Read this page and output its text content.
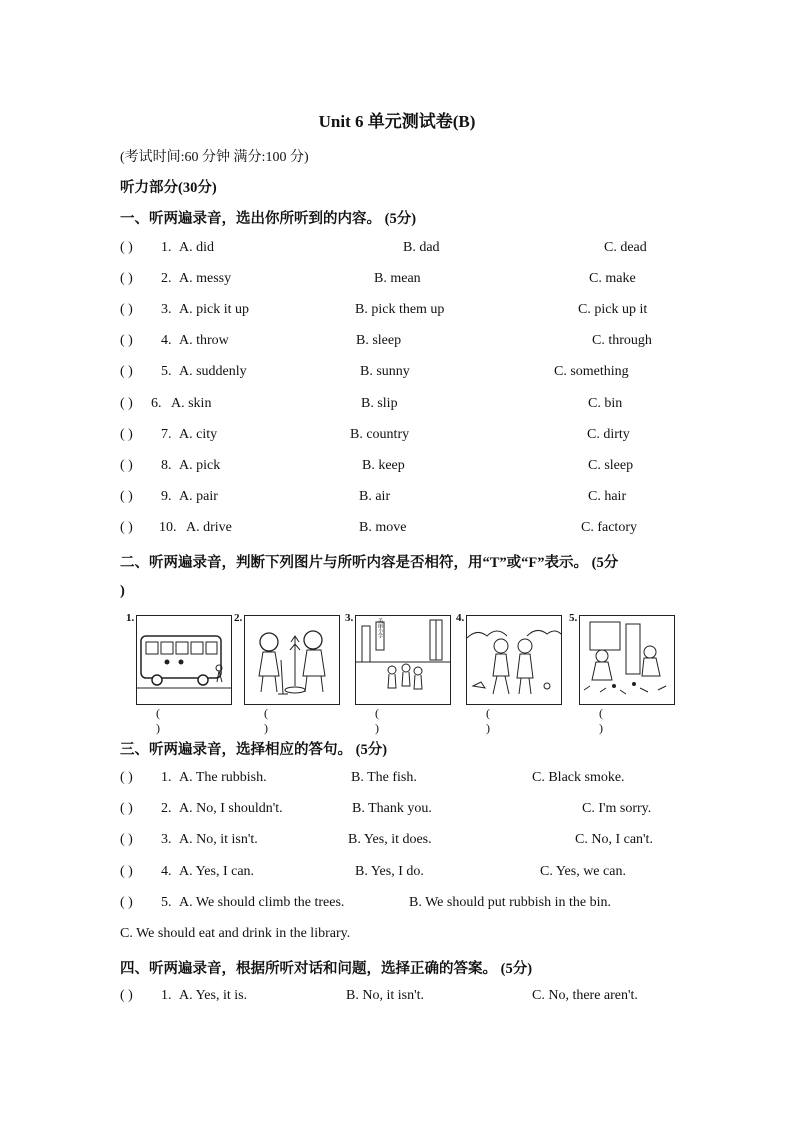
Unit 6 单元测试卷(B)
(考试时间:60 分钟 满分:100 分)
听力部分(30分)
一、听两遍录音，选出你所听到的内容。 (5分)
( ) 1. A. did	B. dad	C. dead
( ) 2. A. messy	B. mean	C. make
( ) 3. A. pick it up	B. pick them up	C. pick up it
( ) 4. A. throw	B. sleep	C. through
( ) 5. A. suddenly	B. sunny	C. something
( ) 6. A. skin	B. slip	C. bin
( ) 7. A. city	B. country	C. dirty
( ) 8. A. pick	B. keep	C. sleep
( ) 9. A. pair	B. air	C. hair
( ) 10. A. drive	B. move	C. factory
二、听两遍录音，判断下列图片与所听内容是否相符，用“T”或“F”表示。 (5分
)
1.
( )
2.
( )
3.	美丽小学
( )
4.
( )
5.
( )
三、听两遍录音，选择相应的答句。 (5分)
( ) 1. A. The rubbish.	B. The fish.	C. Black smoke.
( ) 2. A. No, I shouldn't.	B. Thank you.	C. I'm sorry.
( ) 3. A. No, it isn't.	B. Yes, it does.	C. No, I can't.
( ) 4. A. Yes, I can.	B. Yes, I do.	C. Yes, we can.
( ) 5. A. We should climb the trees.	B. We should put rubbish in the bin.
C. We should eat and drink in the library.
四、听两遍录音，根据所听对话和问题，选择正确的答案。 (5分)
( ) 1. A. Yes, it is.	B. No, it isn't.	C. No, there aren't.
